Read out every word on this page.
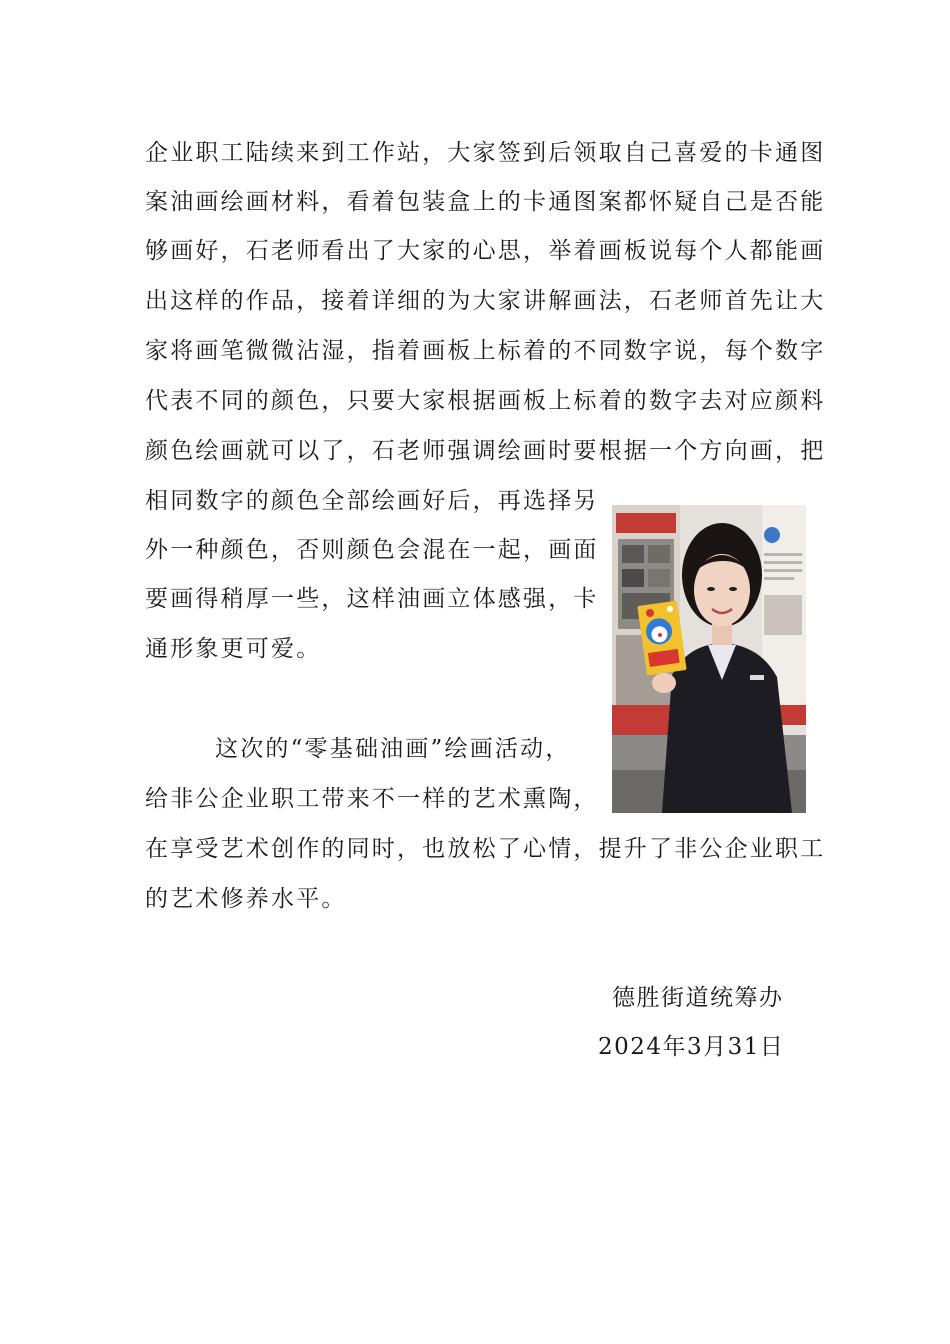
企业职工陆续来到工作站，大家签到后领取自己喜爱的卡通图
案油画绘画材料，看着包装盒上的卡通图案都怀疑自己是否能
够画好，石老师看出了大家的心思，举着画板说每个人都能画
出这样的作品，接着详细的为大家讲解画法，石老师首先让大
家将画笔微微沾湿，指着画板上标着的不同数字说，每个数字
代表不同的颜色，只要大家根据画板上标着的数字去对应颜料
颜色绘画就可以了，石老师强调绘画时要根据一个方向画，把
相同数字的颜色全部绘画好后，再选择另
外一种颜色，否则颜色会混在一起，画面
要画得稍厚一些，这样油画立体感强，卡
通形象更可爱。
这次的“零基础油画”绘画活动，
给非公企业职工带来不一样的艺术熏陶，
在享受艺术创作的同时，也放松了心情，提升了非公企业职工
的艺术修养水平。
德胜街道统筹办
2024年3月31日
